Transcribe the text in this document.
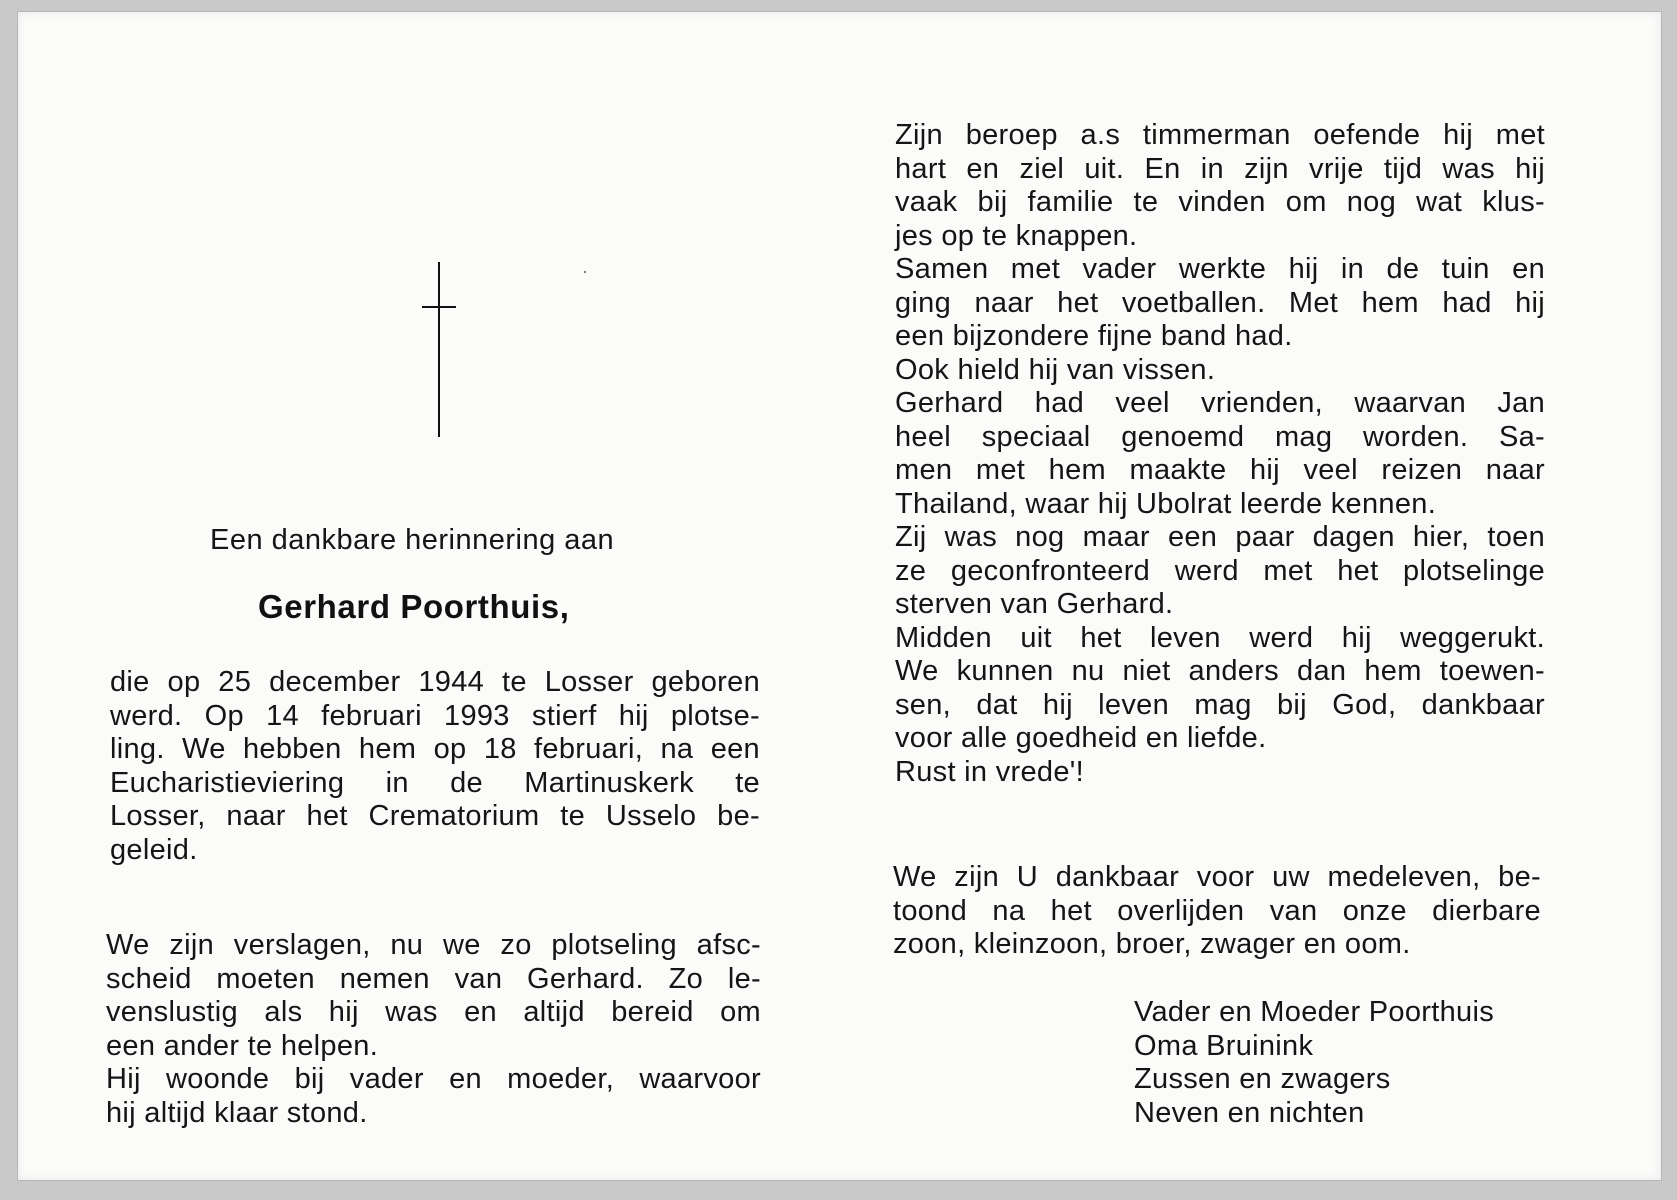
Een dankbare herinnering aan
Gerhard Poorthuis,
die op 25 december 1944 te Losser geboren
werd. Op 14 februari 1993 stierf hij plotse-
ling. We hebben hem op 18 februari, na een
Eucharistieviering in de Martinuskerk te
Losser, naar het Crematorium te Usselo be-
geleid.
We zijn verslagen, nu we zo plotseling afsc-
scheid moeten nemen van Gerhard. Zo le-
venslustig als hij was en altijd bereid om
een ander te helpen.
Hij woonde bij vader en moeder, waarvoor
hij altijd klaar stond.
Zijn beroep a.s timmerman oefende hij met
hart en ziel uit. En in zijn vrije tijd was hij
vaak bij familie te vinden om nog wat klus-
jes op te knappen.
Samen met vader werkte hij in de tuin en
ging naar het voetballen. Met hem had hij
een bijzondere fijne band had.
Ook hield hij van vissen.
Gerhard had veel vrienden, waarvan Jan
heel speciaal genoemd mag worden. Sa-
men met hem maakte hij veel reizen naar
Thailand, waar hij Ubolrat leerde kennen.
Zij was nog maar een paar dagen hier, toen
ze geconfronteerd werd met het plotselinge
sterven van Gerhard.
Midden uit het leven werd hij weggerukt.
We kunnen nu niet anders dan hem toewen-
sen, dat hij leven mag bij God, dankbaar
voor alle goedheid en liefde.
Rust in vrede'!
We zijn U dankbaar voor uw medeleven, be-
toond na het overlijden van onze dierbare
zoon, kleinzoon, broer, zwager en oom.
Vader en Moeder Poorthuis
Oma Bruinink
Zussen en zwagers
Neven en nichten
